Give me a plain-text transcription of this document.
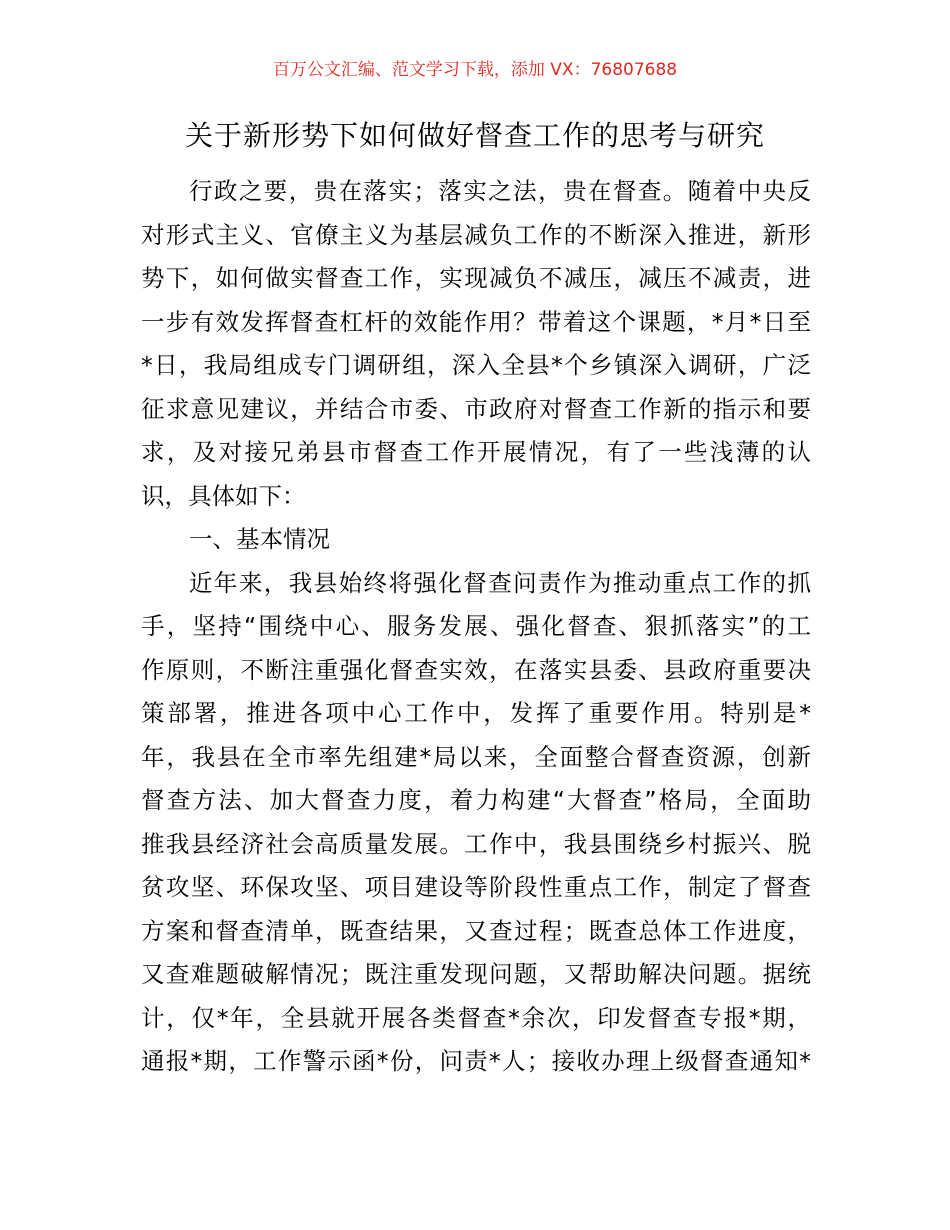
百万公文汇编、范文学习下载，添加 VX：76807688
关于新形势下如何做好督查工作的思考与研究
行政之要，贵在落实；落实之法，贵在督查。随着中央反
对形式主义、官僚主义为基层减负工作的不断深入推进，新形
势下，如何做实督查工作，实现减负不减压，减压不减责，进
一步有效发挥督查杠杆的效能作用？带着这个课题，*月*日至
*日，我局组成专门调研组，深入全县*个乡镇深入调研，广泛
征求意见建议，并结合市委、市政府对督查工作新的指示和要
求，及对接兄弟县市督查工作开展情况，有了一些浅薄的认
识，具体如下：
一、基本情况
近年来，我县始终将强化督查问责作为推动重点工作的抓
手，坚持“围绕中心、服务发展、强化督查、狠抓落实”的工
作原则，不断注重强化督查实效，在落实县委、县政府重要决
策部署，推进各项中心工作中，发挥了重要作用。特别是*
年，我县在全市率先组建*局以来，全面整合督查资源，创新
督查方法、加大督查力度，着力构建“大督查”格局，全面助
推我县经济社会高质量发展。工作中，我县围绕乡村振兴、脱
贫攻坚、环保攻坚、项目建设等阶段性重点工作，制定了督查
方案和督查清单，既查结果，又查过程；既查总体工作进度，
又查难题破解情况；既注重发现问题，又帮助解决问题。据统
计，仅*年，全县就开展各类督查*余次，印发督查专报*期，
通报*期，工作警示函*份，问责*人；接收办理上级督查通知*
